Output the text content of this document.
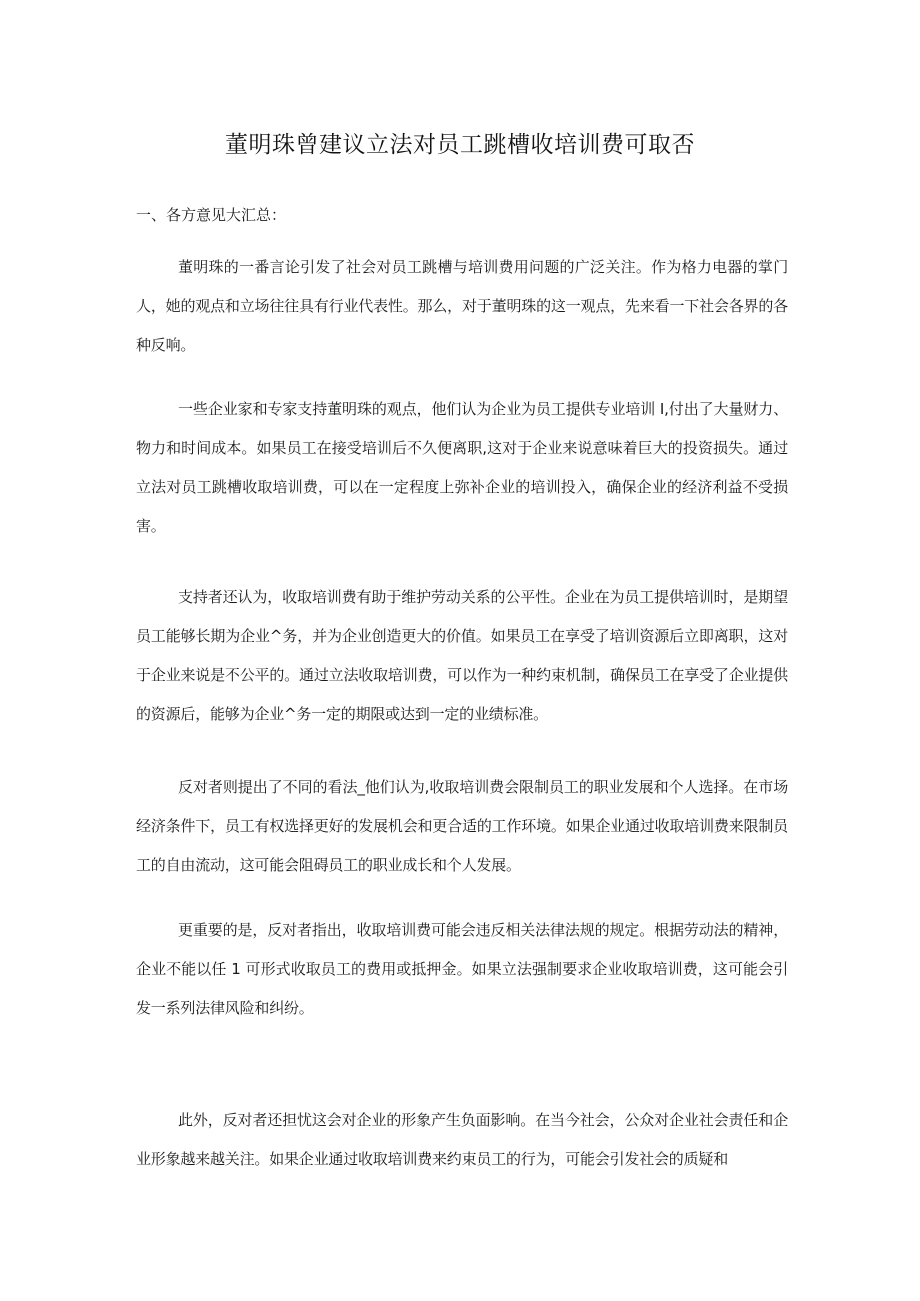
董明珠曾建议立法对员工跳槽收培训费可取否
一、各方意见大汇总：

董明珠的一番言论引发了社会对员工跳槽与培训费用问题的广泛关注。作为格力电器的掌门人，她的观点和立场往往具有行业代表性。那么，对于董明珠的这一观点，先来看一下社会各界的各种反响。

一些企业家和专家支持董明珠的观点，他们认为企业为员工提供专业培训 I,付出了大量财力、物力和时间成本。如果员工在接受培训后不久便离职,这对于企业来说意味着巨大的投资损失。通过立法对员工跳槽收取培训费，可以在一定程度上弥补企业的培训投入，确保企业的经济利益不受损害。

支持者还认为，收取培训费有助于维护劳动关系的公平性。企业在为员工提供培训时，是期望员工能够长期为企业^务，并为企业创造更大的价值。如果员工在享受了培训资源后立即离职，这对于企业来说是不公平的。通过立法收取培训费，可以作为一种约束机制，确保员工在享受了企业提供的资源后，能够为企业^务一定的期限或达到一定的业绩标准。

反对者则提出了不同的看法_他们认为,收取培训费会限制员工的职业发展和个人选择。在市场经济条件下，员工有权选择更好的发展机会和更合适的工作环境。如果企业通过收取培训费来限制员工的自由流动，这可能会阻碍员工的职业成长和个人发展。

更重要的是，反对者指出，收取培训费可能会违反相关法律法规的规定。根据劳动法的精神，企业不能以任 1 可形式收取员工的费用或抵押金。如果立法强制要求企业收取培训费，这可能会引发一系列法律风险和纠纷。

此外，反对者还担忧这会对企业的形象产生负面影响。在当今社会，公众对企业社会责任和企业形象越来越关注。如果企业通过收取培训费来约束员工的行为，可能会引发社会的质疑和
